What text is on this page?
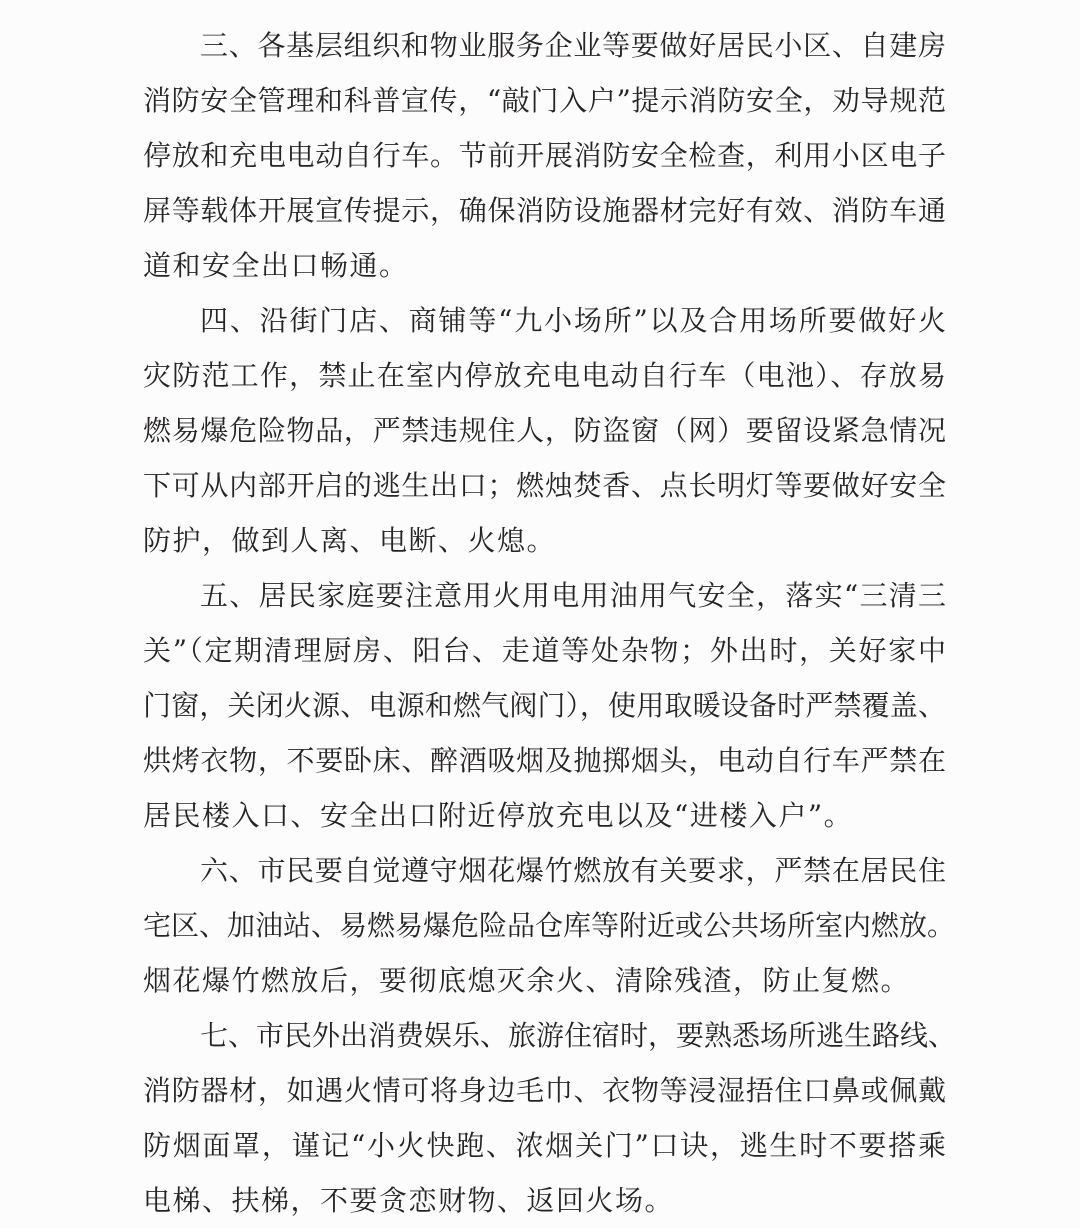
三、各基层组织和物业服务企业等要做好居民小区、自建房
消防安全管理和科普宣传，“敲门入户”提示消防安全，劝导规范
停放和充电电动自行车。节前开展消防安全检查，利用小区电子
屏等载体开展宣传提示，确保消防设施器材完好有效、消防车通
道和安全出口畅通。
四、沿街门店、商铺等“九小场所”以及合用场所要做好火
灾防范工作，禁止在室内停放充电电动自行车（电池）、存放易
燃易爆危险物品，严禁违规住人，防盗窗（网）要留设紧急情况
下可从内部开启的逃生出口；燃烛焚香、点长明灯等要做好安全
防护，做到人离、电断、火熄。
五、居民家庭要注意用火用电用油用气安全，落实“三清三
关”（定期清理厨房、阳台、走道等处杂物；外出时，关好家中
门窗，关闭火源、电源和燃气阀门），使用取暖设备时严禁覆盖、
烘烤衣物，不要卧床、醉酒吸烟及抛掷烟头，电动自行车严禁在
居民楼入口、安全出口附近停放充电以及“进楼入户”。
六、市民要自觉遵守烟花爆竹燃放有关要求，严禁在居民住
宅区、加油站、易燃易爆危险品仓库等附近或公共场所室内燃放。
烟花爆竹燃放后，要彻底熄灭余火、清除残渣，防止复燃。
七、市民外出消费娱乐、旅游住宿时，要熟悉场所逃生路线、
消防器材，如遇火情可将身边毛巾、衣物等浸湿捂住口鼻或佩戴
防烟面罩，谨记“小火快跑、浓烟关门”口诀，逃生时不要搭乘
电梯、扶梯，不要贪恋财物、返回火场。
